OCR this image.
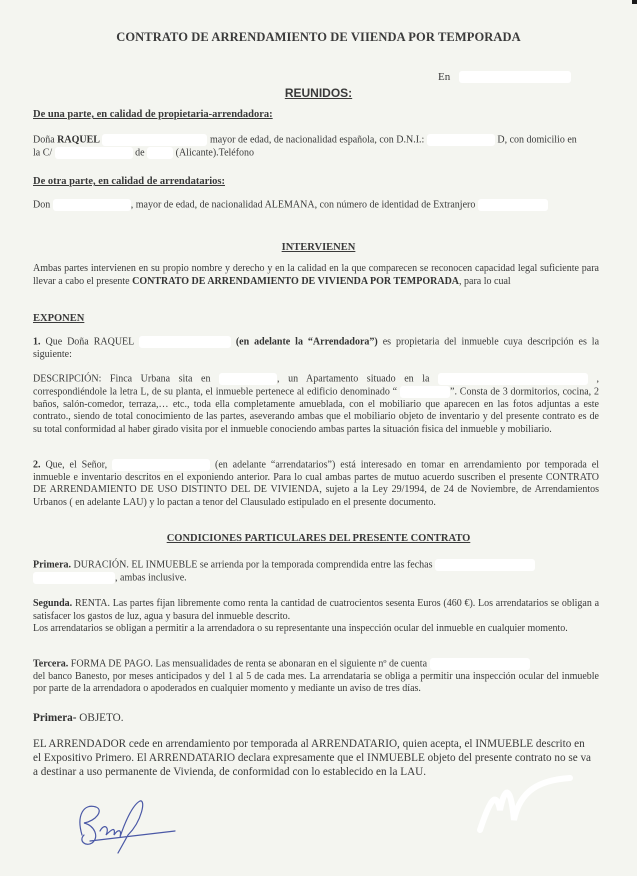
CONTRATO DE ARRENDAMIENTO DE VIIENDA POR TEMPORADA
En
REUNIDOS:
De una parte, en calidad de propietaria-arrendadora:
Doña RAQUEL	mayor de edad, de nacionalidad española, con D.N.I.:	D, con domicilio en
la C/	de	(Alicante).Teléfono
De otra parte, en calidad de arrendatarios:
Don	, mayor de edad, de nacionalidad ALEMANA, con número de identidad de Extranjero
INTERVIENEN
Ambas partes intervienen en su propio nombre y derecho y en la calidad en la que comparecen se reconocen capacidad legal suficiente para llevar a cabo el presente CONTRATO DE ARRENDAMIENTO DE VIVIENDA POR TEMPORADA, para lo cual
EXPONEN
1. Que Doña RAQUEL	(en adelante la “Arrendadora”) es propietaria del inmueble cuya descripción es la siguiente:
DESCRIPCIÓN: Finca Urbana sita en	, un Apartamento situado en la	, correspondiéndole la letra L, de su planta, el inmueble pertenece al edificio denominado “	”. Consta de 3 dormitorios, cocina, 2 baños, salón-comedor, terraza,… etc., toda ella completamente amueblada, con el mobiliario que aparecen en las fotos adjuntas a este contrato., siendo de total conocimiento de las partes, aseverando ambas que el mobiliario objeto de inventario y del presente contrato es de su total conformidad al haber girado visita por el inmueble conociendo ambas partes la situación fisica del inmueble y mobiliario.
2. Que, el Señor,	(en adelante “arrendatarios”) está interesado en tomar en arrendamiento por temporada el inmueble e inventario descritos en el exponiendo anterior. Para lo cual ambas partes de mutuo acuerdo suscriben el presente CONTRATO DE ARRENDAMIENTO DE USO DISTINTO DEL DE VIVIENDA, sujeto a la Ley 29/1994, de 24 de Noviembre, de Arrendamientos Urbanos ( en adelante LAU) y lo pactan a tenor del Clausulado estipulado en el presente documento.
CONDICIONES PARTICULARES DEL PRESENTE CONTRATO
Primera. DURACIÓN. EL INMUEBLE se arrienda por la temporada comprendida entre las fechas
, ambas inclusive.
Segunda. RENTA. Las partes fijan libremente como renta la cantidad de cuatrocientos sesenta Euros (460 €). Los arrendatarios se obligan a satisfacer los gastos de luz, agua y basura del inmueble descrito.
Los arrendatarios se obligan a permitir a la arrendadora o su representante una inspección ocular del inmueble en cualquier momento.
Tercera. FORMA DE PAGO. Las mensualidades de renta se abonaran en el siguiente nº de cuenta
del banco Banesto, por meses anticipados y del 1 al 5 de cada mes. La arrendataria se obliga a permitir una inspección ocular del inmueble por parte de la arrendadora o apoderados en cualquier momento y mediante un aviso de tres días.
Primera- OBJETO.
EL ARRENDADOR cede en arrendamiento por temporada al ARRENDATARIO, quien acepta, el INMUEBLE descrito en el Expositivo Primero. El ARRENDATARIO declara expresamente que el INMUEBLE objeto del presente contrato no se va a destinar a uso permanente de Vivienda, de conformidad con lo establecido en la LAU.
